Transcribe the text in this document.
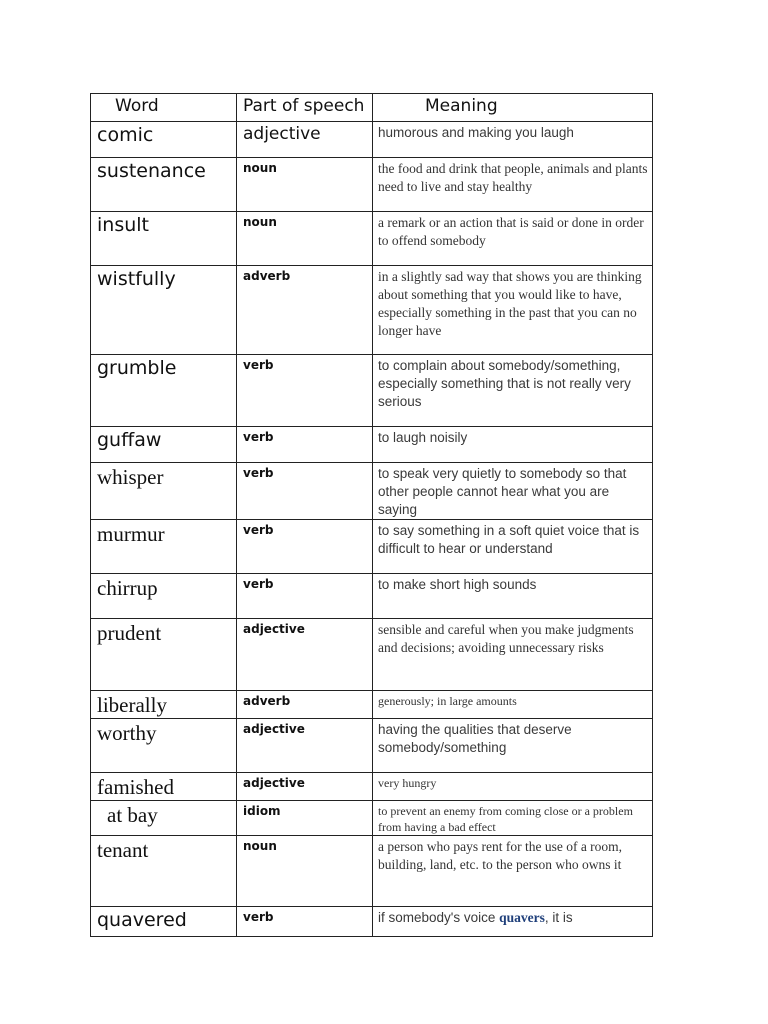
Word	Part of speech	Meaning
comic	adjective	humorous and making you laugh
sustenance	noun	the food and drink that people, animals and plants need to live and stay healthy
insult	noun	a remark or an action that is said or done in order to offend somebody
wistfully	adverb	in a slightly sad way that shows you are thinking about something that you would like to have, especially something in the past that you can no longer have
grumble	verb	to complain about somebody/something, especially something that is not really very serious
guffaw	verb	to laugh noisily
whisper	verb	to speak very quietly to somebody so that other people cannot hear what you are saying
murmur	verb	to say something in a soft quiet voice that is difficult to hear or understand
chirrup	verb	to make short high sounds
prudent	adjective	sensible and careful when you make judgments and decisions; avoiding unnecessary risks
liberally	adverb	generously; in large amounts
worthy	adjective	having the qualities that deserve somebody/something
famished	adjective	very hungry
at bay	idiom	to prevent an enemy from coming close or a problem from having a bad effect
tenant	noun	a person who pays rent for the use of a room, building, land, etc. to the person who owns it
quavered	verb	if somebody's voice quavers, it is
